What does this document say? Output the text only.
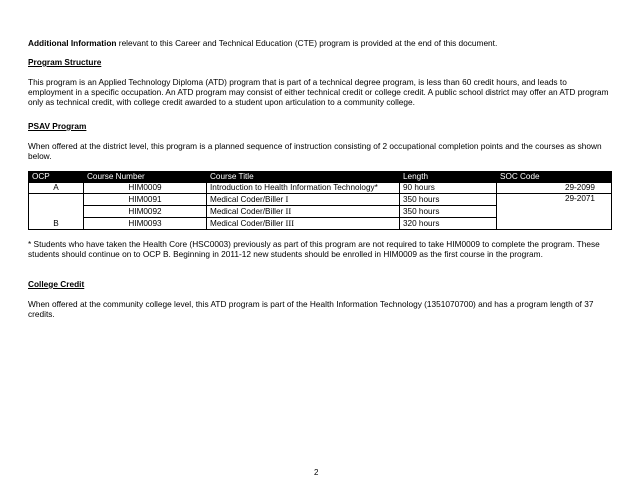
Additional Information relevant to this Career and Technical Education (CTE) program is provided at the end of this document.

Program Structure

This program is an Applied Technology Diploma (ATD) program that is part of a technical degree program, is less than 60 credit hours, and leads to employment in a specific occupation. An ATD program may consist of either technical credit or college credit. A public school district may offer an ATD program only as technical credit, with college credit awarded to a student upon articulation to a community college.

PSAV Program

When offered at the district level, this program is a planned sequence of instruction consisting of 2 occupational completion points and the courses as shown below.

OCP	Course Number	Course Title	Length	SOC Code
A	HIM0009	Introduction to Health Information Technology*	90 hours	29-2099
B	HIM0091	Medical Coder/Biller I	350 hours	29-2071
	HIM0092	Medical Coder/Biller II	350 hours	
	HIM0093	Medical Coder/Biller III	320 hours	

* Students who have taken the Health Core (HSC0003) previously as part of this program are not required to take HIM0009 to complete the program. These students should continue on to OCP B. Beginning in 2011-12 new students should be enrolled in HIM0009 as the first course in the program.

College Credit

When offered at the community college level, this ATD program is part of the Health Information Technology (1351070700) and has a program length of 37 credits.

2
